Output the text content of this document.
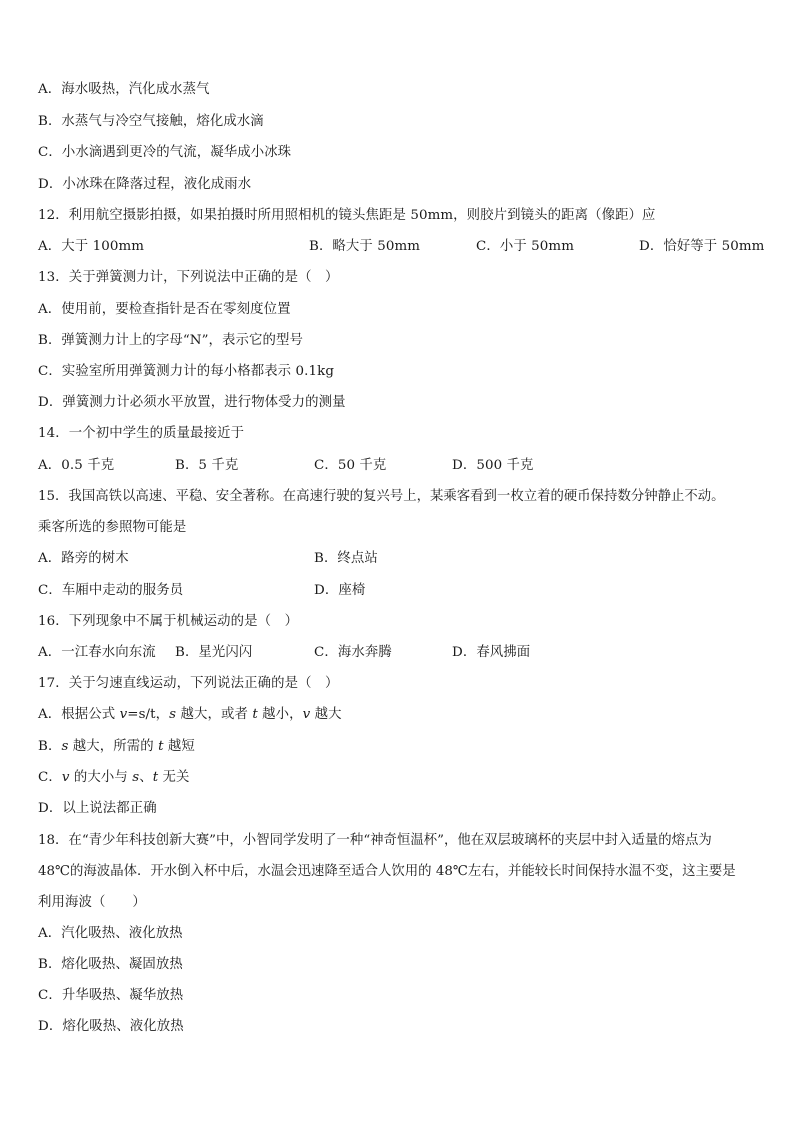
A．海水吸热，汽化成水蒸气
B．水蒸气与冷空气接触，熔化成水滴
C．小水滴遇到更冷的气流，凝华成小冰珠
D．小冰珠在降落过程，液化成雨水
12．利用航空摄影拍摄，如果拍摄时所用照相机的镜头焦距是 50mm，则胶片到镜头的距离（像距）应
A．大于 100mm	B．略大于 50mm	C．小于 50mm	D．恰好等于 50mm
13．关于弹簧测力计，下列说法中正确的是（　）
A．使用前，要检查指针是否在零刻度位置
B．弹簧测力计上的字母“N”，表示它的型号
C．实验室所用弹簧测力计的每小格都表示 0.1kg
D．弹簧测力计必须水平放置，进行物体受力的测量
14．一个初中学生的质量最接近于
A．0.5 千克	B．5 千克	C．50 千克	D．500 千克
15．我国高铁以高速、平稳、安全著称。在高速行驶的复兴号上，某乘客看到一枚立着的硬币保持数分钟静止不动。
乘客所选的参照物可能是
A．路旁的树木	B．终点站
C．车厢中走动的服务员	D．座椅
16．下列现象中不属于机械运动的是（　）
A．一江春水向东流 B．星光闪闪	C．海水奔腾	D．春风拂面
17．关于匀速直线运动，下列说法正确的是（　）
A．根据公式 v=s/t，s 越大，或者 t 越小，v 越大
B．s 越大，所需的 t 越短
C．v 的大小与 s、t 无关
D．以上说法都正确
18．在“青少年科技创新大赛”中，小智同学发明了一种“神奇恒温杯”，他在双层玻璃杯的夹层中封入适量的熔点为
48℃的海波晶体．开水倒入杯中后，水温会迅速降至适合人饮用的 48℃左右，并能较长时间保持水温不变，这主要是
利用海波（　　）
A．汽化吸热、液化放热
B．熔化吸热、凝固放热
C．升华吸热、凝华放热
D．熔化吸热、液化放热
